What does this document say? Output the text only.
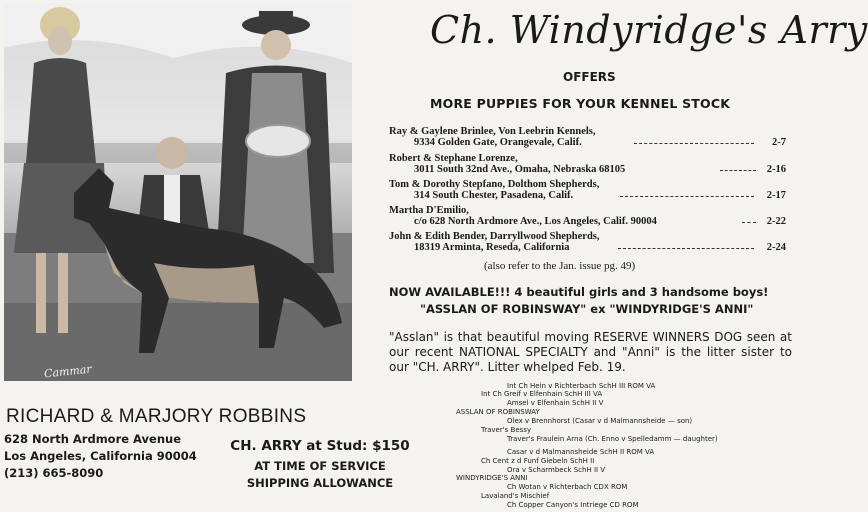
Cammar
RICHARD & MARJORY ROBBINS
628 North Ardmore Avenue
Los Angeles, California 90004
(213) 665-8090
CH. ARRY at Stud: $150
AT TIME OF SERVICE
SHIPPING ALLOWANCE
Ch. Windyridge's Arry
OFFERS
MORE PUPPIES FOR YOUR KENNEL STOCK
Ray & Gaylene Brinlee, Von Leebrin Kennels,
9334 Golden Gate, Orangevale, Calif.	2-7
Robert & Stephane Lorenze,
3011 South 32nd Ave., Omaha, Nebraska 68105	2-16
Tom & Dorothy Stepfano, Dolthom Shepherds,
314 South Chester, Pasadena, Calif.	2-17
Martha D'Emilio,
c/o 628 North Ardmore Ave., Los Angeles, Calif. 90004	2-22
John & Edith Bender, Darryllwood Shepherds,
18319 Arminta, Reseda, California	2-24
(also refer to the Jan. issue pg. 49)
NOW AVAILABLE!!! 4 beautiful girls and 3 handsome boys!
"ASSLAN OF ROBINSWAY" ex "WINDYRIDGE'S ANNI"
"Asslan" is that beautiful moving RESERVE WINNERS DOG seen at our recent NATIONAL SPECIALTY and "Anni" is the litter sister to our "CH. ARRY". Litter whelped Feb. 19.
Int Ch Hein v Richterbach SchH III ROM VA
Int Ch Greif v Elfenhain SchH III VA
Amsel v Elfenhain SchH II V
ASSLAN OF ROBINSWAY
Olex v Brennhorst (Casar v d Malmannsheide — son)
Traver's Bessy
Traver's Fraulein Arna (Ch. Enno v Spelledamm — daughter)
Casar v d Malmannsheide SchH II ROM VA
Ch Cent z d Funf Giebeln SchH II
Ora v Scharmbeck SchH II V
WINDYRIDGE'S ANNI
Ch Wotan v Richterbach CDX ROM
Lavaland's Mischief
Ch Copper Canyon's Intriege CD ROM
